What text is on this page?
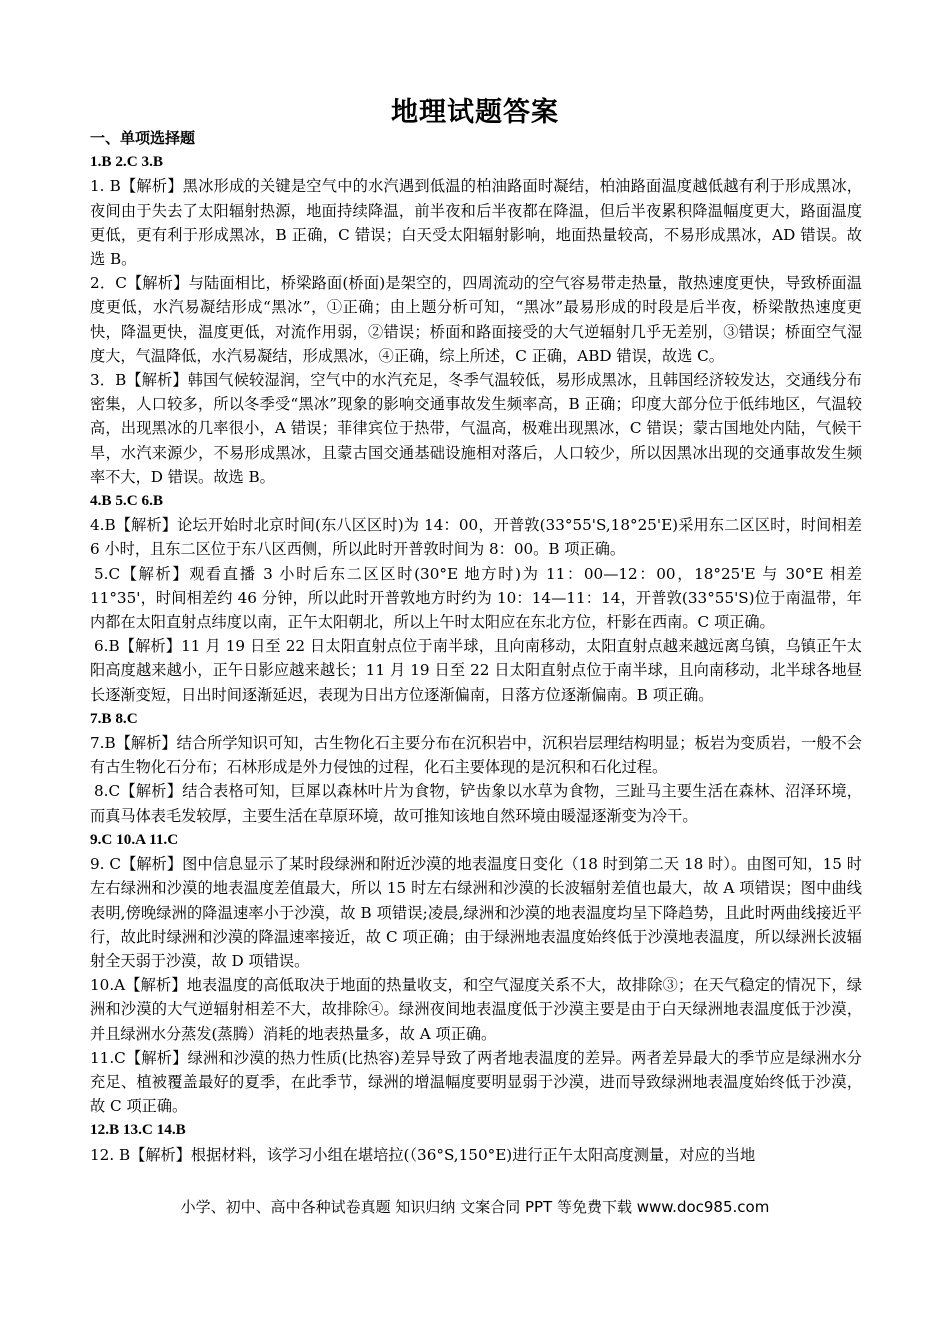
地理试题答案
一、单项选择题
1.B 2.C 3.B

1. B【解析】黑冰形成的关键是空气中的水汽遇到低温的柏油路面时凝结，柏油路面温度越低越有利于形成黑冰，夜间由于失去了太阳辐射热源，地面持续降温，前半夜和后半夜都在降温，但后半夜累积降温幅度更大，路面温度更低，更有利于形成黑冰，B 正确，C 错误；白天受太阳辐射影响，地面热量较高，不易形成黑冰，AD 错误。故选 B。

2．C【解析】与陆面相比，桥梁路面(桥面)是架空的，四周流动的空气容易带走热量，散热速度更快，导致桥面温度更低，水汽易凝结形成“黑冰”，①正确；由上题分析可知，“黑冰”最易形成的时段是后半夜，桥梁散热速度更快，降温更快，温度更低，对流作用弱，②错误；桥面和路面接受的大气逆辐射几乎无差别，③错误；桥面空气湿度大，气温降低，水汽易凝结，形成黑冰，④正确，综上所述，C 正确，ABD 错误，故选 C。

3．B【解析】韩国气候较湿润，空气中的水汽充足，冬季气温较低，易形成黑冰，且韩国经济较发达，交通线分布密集，人口较多，所以冬季受“黑冰”现象的影响交通事故发生频率高，B 正确；印度大部分位于低纬地区，气温较高，出现黑冰的几率很小，A 错误；菲律宾位于热带，气温高，极难出现黑冰，C 错误；蒙古国地处内陆，气候干旱，水汽来源少，不易形成黑冰，且蒙古国交通基础设施相对落后，人口较少，所以因黑冰出现的交通事故发生频率不大，D 错误。故选 B。

4.B 5.C 6.B

4.B【解析】论坛开始时北京时间(东八区区时)为 14：00，开普敦(33°55'S,18°25'E)采用东二区区时，时间相差 6 小时，且东二区位于东八区西侧，所以此时开普敦时间为 8：00。B 项正确。

5.C【解析】观看直播 3 小时后东二区区时(30°E 地方时)为 11：00—12：00，18°25'E 与 30°E 相差 11°35'，时间相差约 46 分钟，所以此时开普敦地方时约为 10：14—11：14，开普敦(33°55'S)位于南温带，年内都在太阳直射点纬度以南，正午太阳朝北，所以上午时太阳应在东北方位，杆影在西南。C 项正确。

6.B【解析】11 月 19 日至 22 日太阳直射点位于南半球，且向南移动，太阳直射点越来越远离乌镇，乌镇正午太阳高度越来越小，正午日影应越来越长；11 月 19 日至 22 日太阳直射点位于南半球，且向南移动，北半球各地昼长逐渐变短，日出时间逐渐延迟，表现为日出方位逐渐偏南，日落方位逐渐偏南。B 项正确。

7.B 8.C

7.B【解析】结合所学知识可知，古生物化石主要分布在沉积岩中，沉积岩层理结构明显；板岩为变质岩，一般不会有古生物化石分布；石林形成是外力侵蚀的过程，化石主要体现的是沉积和石化过程。

8.C【解析】结合表格可知，巨犀以森林叶片为食物，铲齿象以水草为食物，三趾马主要生活在森林、沼泽环境，而真马体表毛发较厚，主要生活在草原环境，故可推知该地自然环境由暖湿逐渐变为冷干。

9.C 10.A 11.C

9. C【解析】图中信息显示了某时段绿洲和附近沙漠的地表温度日变化（18 时到第二天 18 时）。由图可知，15 时左右绿洲和沙漠的地表温度差值最大，所以 15 时左右绿洲和沙漠的长波辐射差值也最大，故 A 项错误；图中曲线表明,傍晚绿洲的降温速率小于沙漠，故 B 项错误;凌晨,绿洲和沙漠的地表温度均呈下降趋势，且此时两曲线接近平行，故此时绿洲和沙漠的降温速率接近，故 C 项正确；由于绿洲地表温度始终低于沙漠地表温度，所以绿洲长波辐射全天弱于沙漠，故 D 项错误。

10.A【解析】地表温度的高低取决于地面的热量收支，和空气湿度关系不大，故排除③；在天气稳定的情况下，绿洲和沙漠的大气逆辐射相差不大，故排除④。绿洲夜间地表温度低于沙漠主要是由于白天绿洲地表温度低于沙漠，并且绿洲水分蒸发(蒸腾）消耗的地表热量多，故 A 项正确。

11.C【解析】绿洲和沙漠的热力性质(比热容)差异导致了两者地表温度的差异。两者差异最大的季节应是绿洲水分充足、植被覆盖最好的夏季，在此季节，绿洲的增温幅度要明显弱于沙漠，进而导致绿洲地表温度始终低于沙漠，故 C 项正确。

12.B 13.C 14.B

12. B【解析】根据材料，该学习小组在堪培拉(（36°S,150°E)进行正午太阳高度测量，对应的当地

小学、初中、高中各种试卷真题 知识归纳 文案合同 PPT 等免费下载 www.doc985.com
